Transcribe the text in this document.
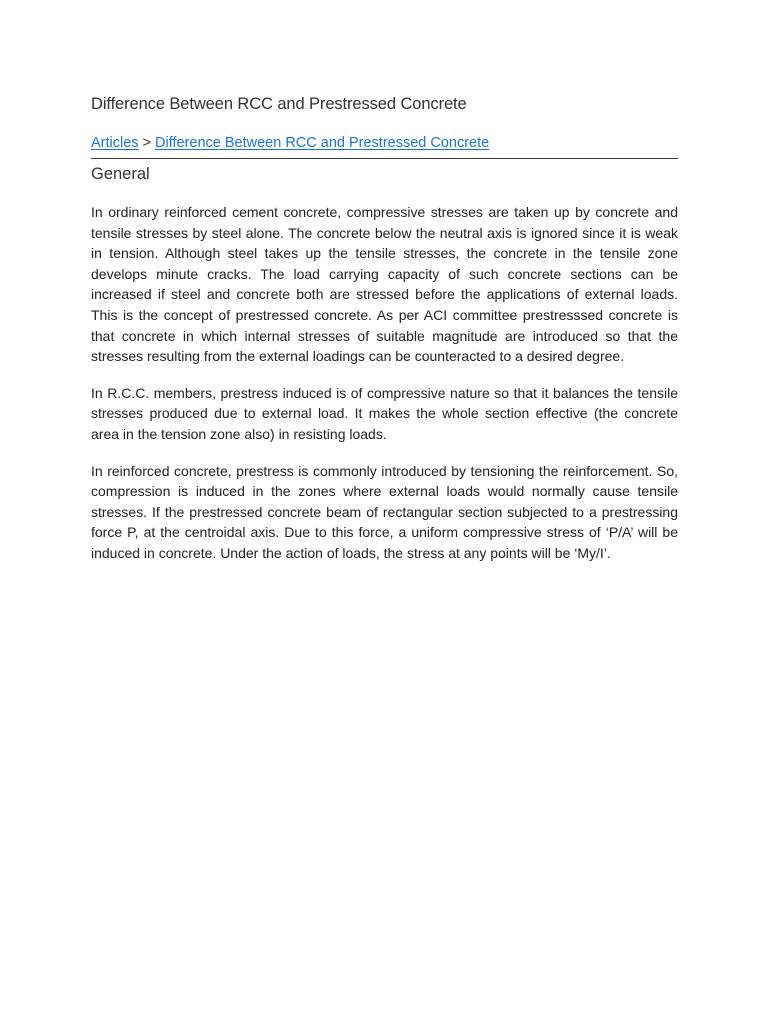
Difference Between RCC and Prestressed Concrete
Articles > Difference Between RCC and Prestressed Concrete
General

In ordinary reinforced cement concrete, compressive stresses are taken up by concrete and tensile stresses by steel alone. The concrete below the neutral axis is ignored since it is weak in tension. Although steel takes up the tensile stresses, the concrete in the tensile zone develops minute cracks. The load carrying capacity of such concrete sections can be increased if steel and concrete both are stressed before the applications of external loads. This is the concept of prestressed concrete. As per ACI committee prestresssed concrete is that concrete in which internal stresses of suitable magnitude are introduced so that the stresses resulting from the external loadings can be counteracted to a desired degree.

In R.C.C. members, prestress induced is of compressive nature so that it balances the tensile stresses produced due to external load. It makes the whole section effective (the concrete area in the tension zone also) in resisting loads.

In reinforced concrete, prestress is commonly introduced by tensioning the reinforcement. So, compression is induced in the zones where external loads would normally cause tensile stresses. If the prestressed concrete beam of rectangular section subjected to a prestressing force P, at the centroidal axis. Due to this force, a uniform compressive stress of ‘P/A’ will be induced in concrete. Under the action of loads, the stress at any points will be ‘My/I’.
